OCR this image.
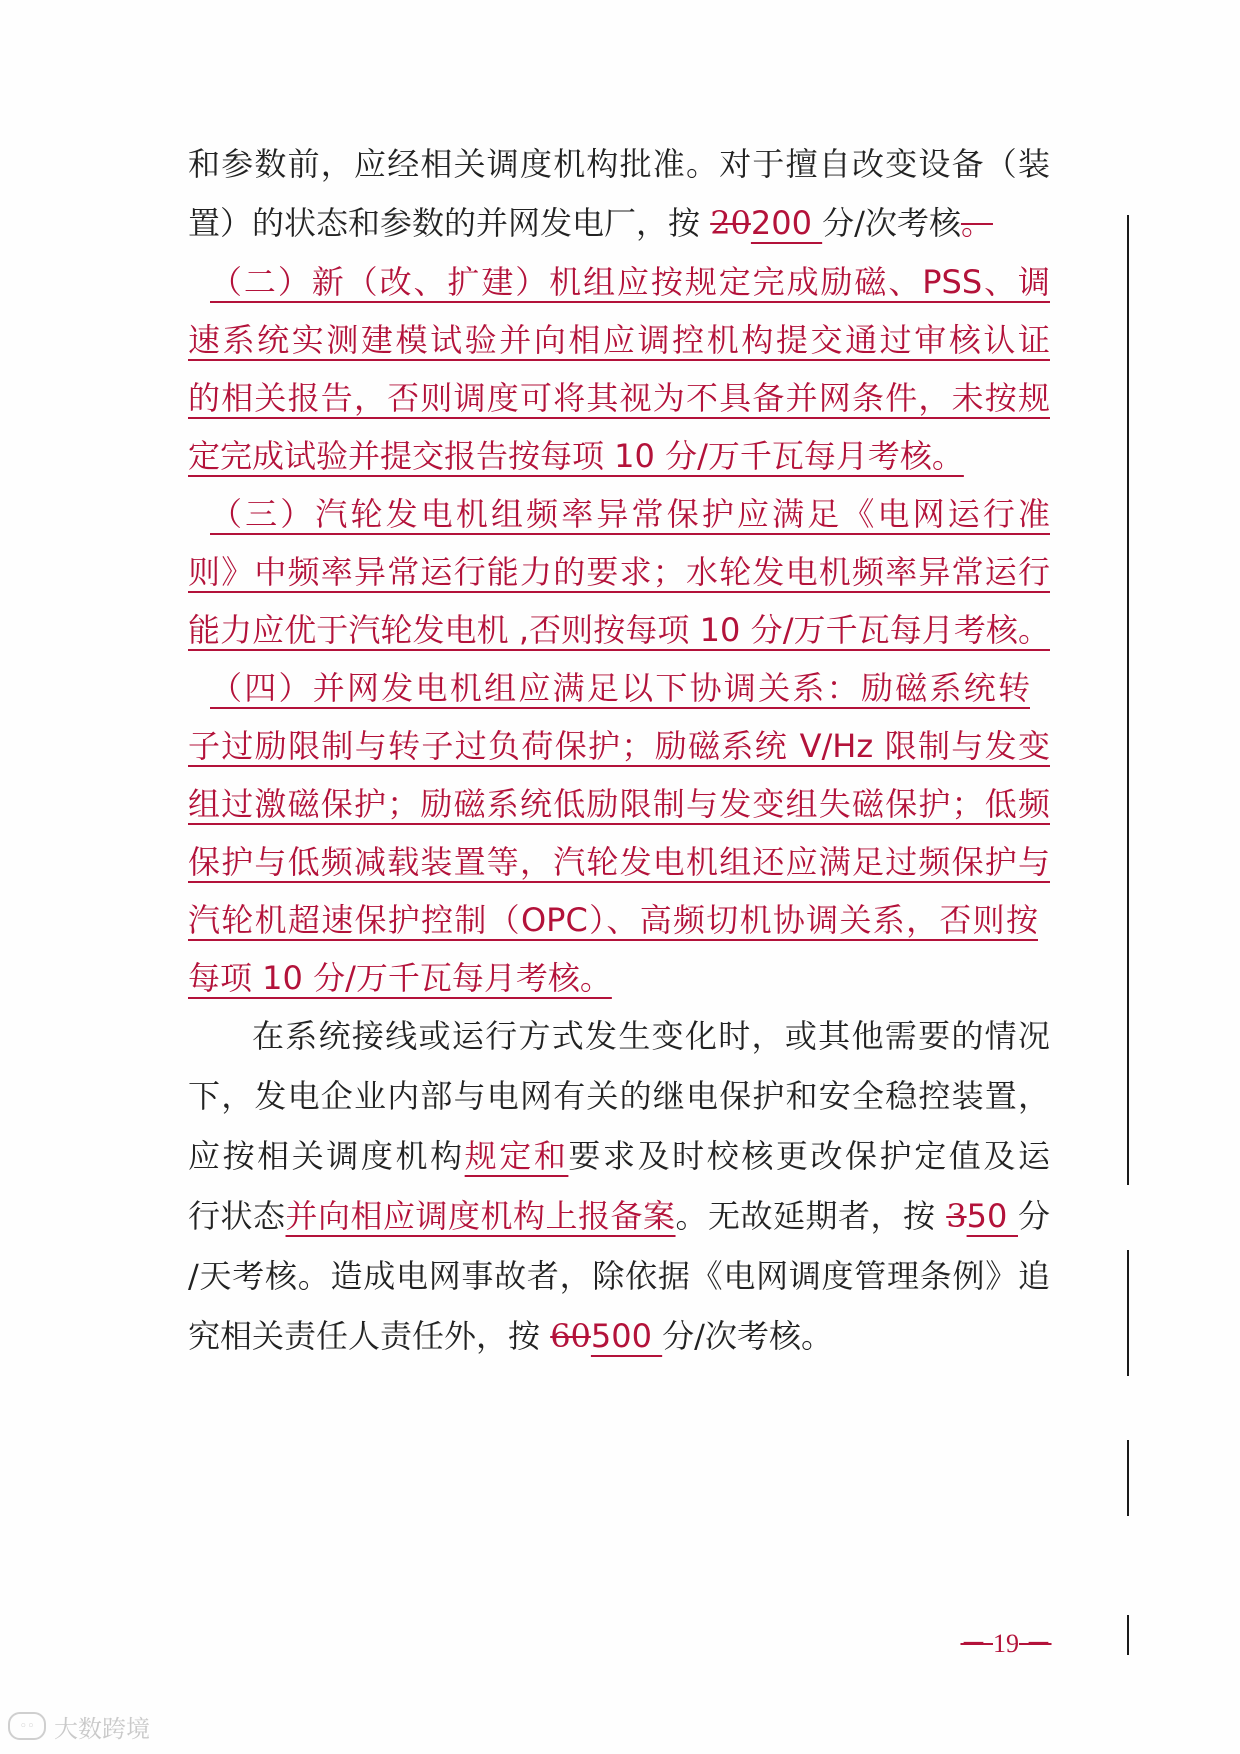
和参数前，应经相关调度机构批准。对于擅自改变设备（装
置）的状态和参数的并网发电厂，按 20200 分/次考核。
（二）新（改、扩建）机组应按规定完成励磁、PSS、调
速系统实测建模试验并向相应调控机构提交通过审核认证
的相关报告，否则调度可将其视为不具备并网条件，未按规
定完成试验并提交报告按每项 10 分/万千瓦每月考核。
（三）汽轮发电机组频率异常保护应满足《电网运行准
则》中频率异常运行能力的要求；水轮发电机频率异常运行
能力应优于汽轮发电机 ,否则按每项 10 分/万千瓦每月考核。
（四）并网发电机组应满足以下协调关系：励磁系统转
子过励限制与转子过负荷保护；励磁系统 V/Hz 限制与发变
组过激磁保护；励磁系统低励限制与发变组失磁保护；低频
保护与低频减载装置等，汽轮发电机组还应满足过频保护与
汽轮机超速保护控制（OPC）、高频切机协调关系，否则按
每项 10 分/万千瓦每月考核。
在系统接线或运行方式发生变化时，或其他需要的情况
下，发电企业内部与电网有关的继电保护和安全稳控装置，
应按相关调度机构规定和要求及时校核更改保护定值及运
行状态并向相应调度机构上报备案。无故延期者，按 350 分
/天考核。造成电网事故者，除依据《电网调度管理条例》追
究相关责任人责任外，按 60500 分/次考核。
－ 19 －
◦◦ 大数跨境
